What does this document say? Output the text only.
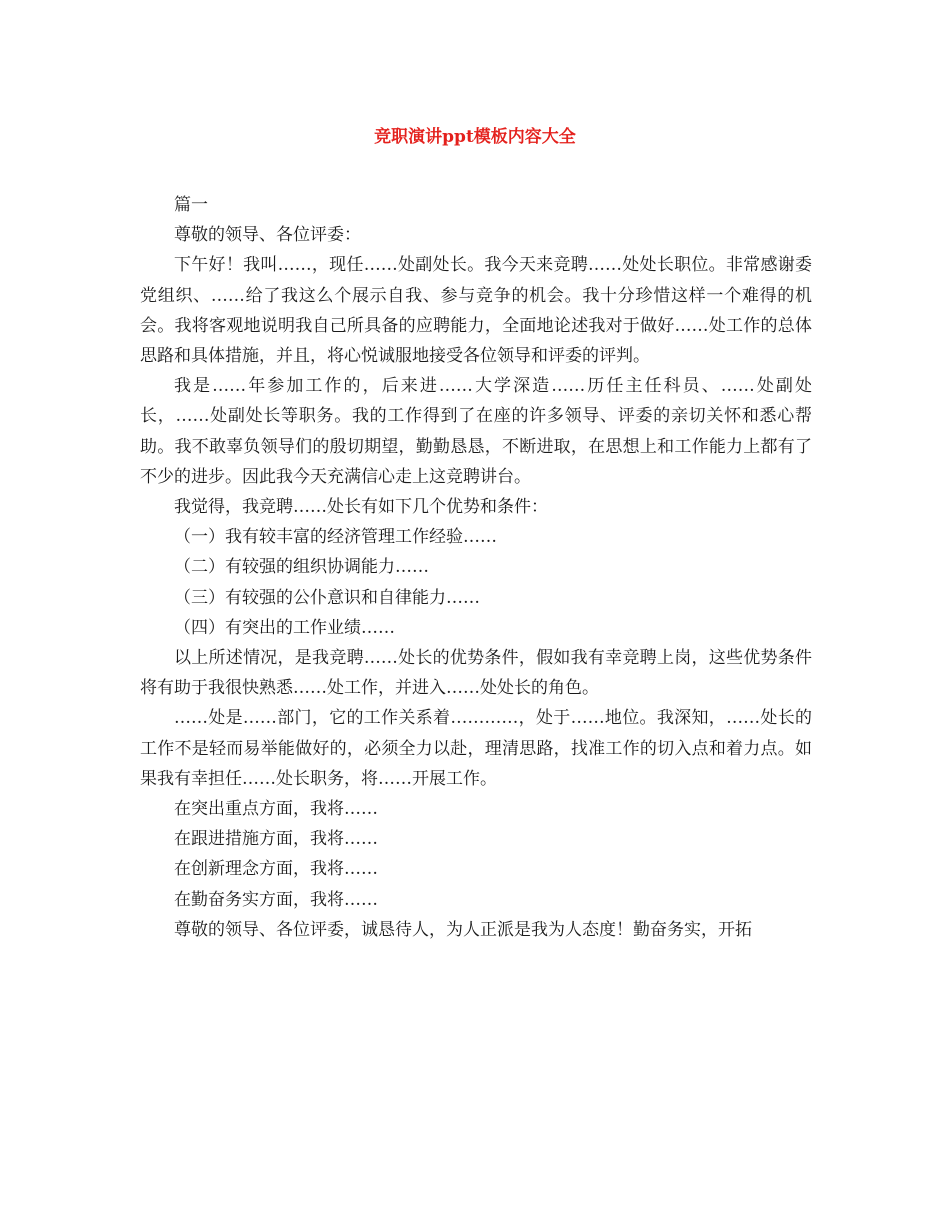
竞职演讲ppt模板内容大全

篇一

尊敬的领导、各位评委：

下午好！我叫……，现任……处副处长。我今天来竞聘……处处长职位。非常感谢委党组织、……给了我这么个展示自我、参与竞争的机会。我十分珍惜这样一个难得的机会。我将客观地说明我自己所具备的应聘能力，全面地论述我对于做好……处工作的总体思路和具体措施，并且，将心悦诚服地接受各位领导和评委的评判。

我是……年参加工作的，后来进……大学深造……历任主任科员、……处副处长，……处副处长等职务。我的工作得到了在座的许多领导、评委的亲切关怀和悉心帮助。我不敢辜负领导们的殷切期望，勤勤恳恳，不断进取，在思想上和工作能力上都有了不少的进步。因此我今天充满信心走上这竞聘讲台。

我觉得，我竞聘……处长有如下几个优势和条件：

（一）我有较丰富的经济管理工作经验……

（二）有较强的组织协调能力……

（三）有较强的公仆意识和自律能力……

（四）有突出的工作业绩……

以上所述情况，是我竞聘……处长的优势条件，假如我有幸竞聘上岗，这些优势条件将有助于我很快熟悉……处工作，并进入……处处长的角色。

……处是……部门，它的工作关系着…………，处于……地位。我深知，……处长的工作不是轻而易举能做好的，必须全力以赴，理清思路，找准工作的切入点和着力点。如果我有幸担任……处长职务，将……开展工作。

在突出重点方面，我将……

在跟进措施方面，我将……

在创新理念方面，我将……

在勤奋务实方面，我将……

尊敬的领导、各位评委，诚恳待人，为人正派是我为人态度！勤奋务实，开拓
